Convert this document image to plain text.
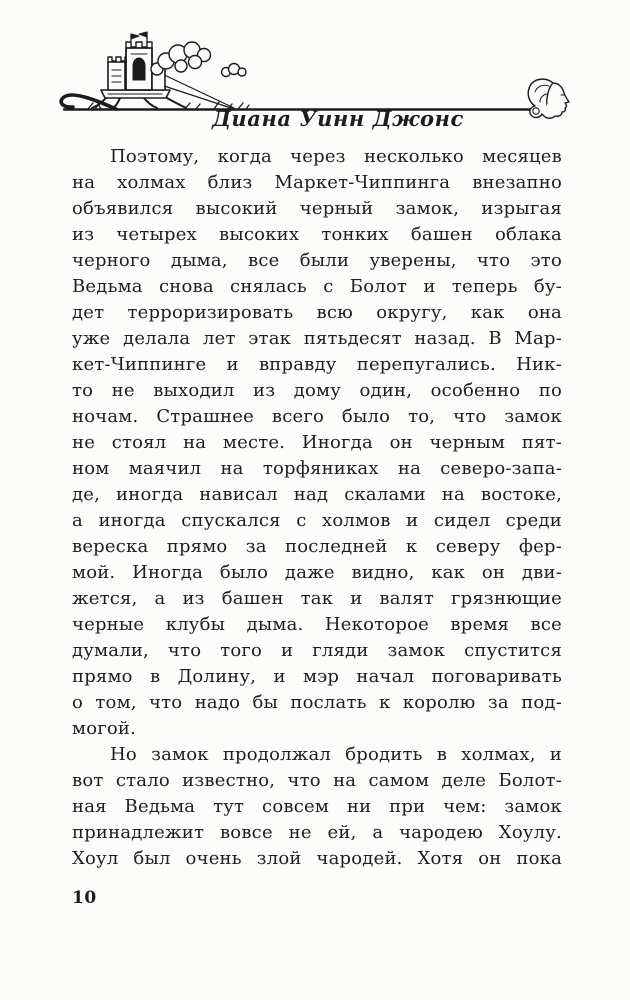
Диана Уинн Джонс
Поэтому, когда через несколько месяцев
на холмах близ Маркет-Чиппинга внезапно
объявился высокий черный замок, изрыгая
из четырех высоких тонких башен облака
черного дыма, все были уверены, что это
Ведьма снова снялась с Болот и теперь бу-
дет терроризировать всю округу, как она
уже делала лет этак пятьдесят назад. В Мар-
кет-Чиппинге и вправду перепугались. Ник-
то не выходил из дому один, особенно по
ночам. Страшнее всего было то, что замок
не стоял на месте. Иногда он черным пят-
ном маячил на торфяниках на северо-запа-
де, иногда нависал над скалами на востоке,
а иногда спускался с холмов и сидел среди
вереска прямо за последней к северу фер-
мой. Иногда было даже видно, как он дви-
жется, а из башен так и валят грязнющие
черные клубы дыма. Некоторое время все
думали, что того и гляди замок спустится
прямо в Долину, и мэр начал поговаривать
о том, что надо бы послать к королю за под-
могой.
Но замок продолжал бродить в холмах, и
вот стало известно, что на самом деле Болот-
ная Ведьма тут совсем ни при чем: замок
принадлежит вовсе не ей, а чародею Хоулу.
Хоул был очень злой чародей. Хотя он пока
10
